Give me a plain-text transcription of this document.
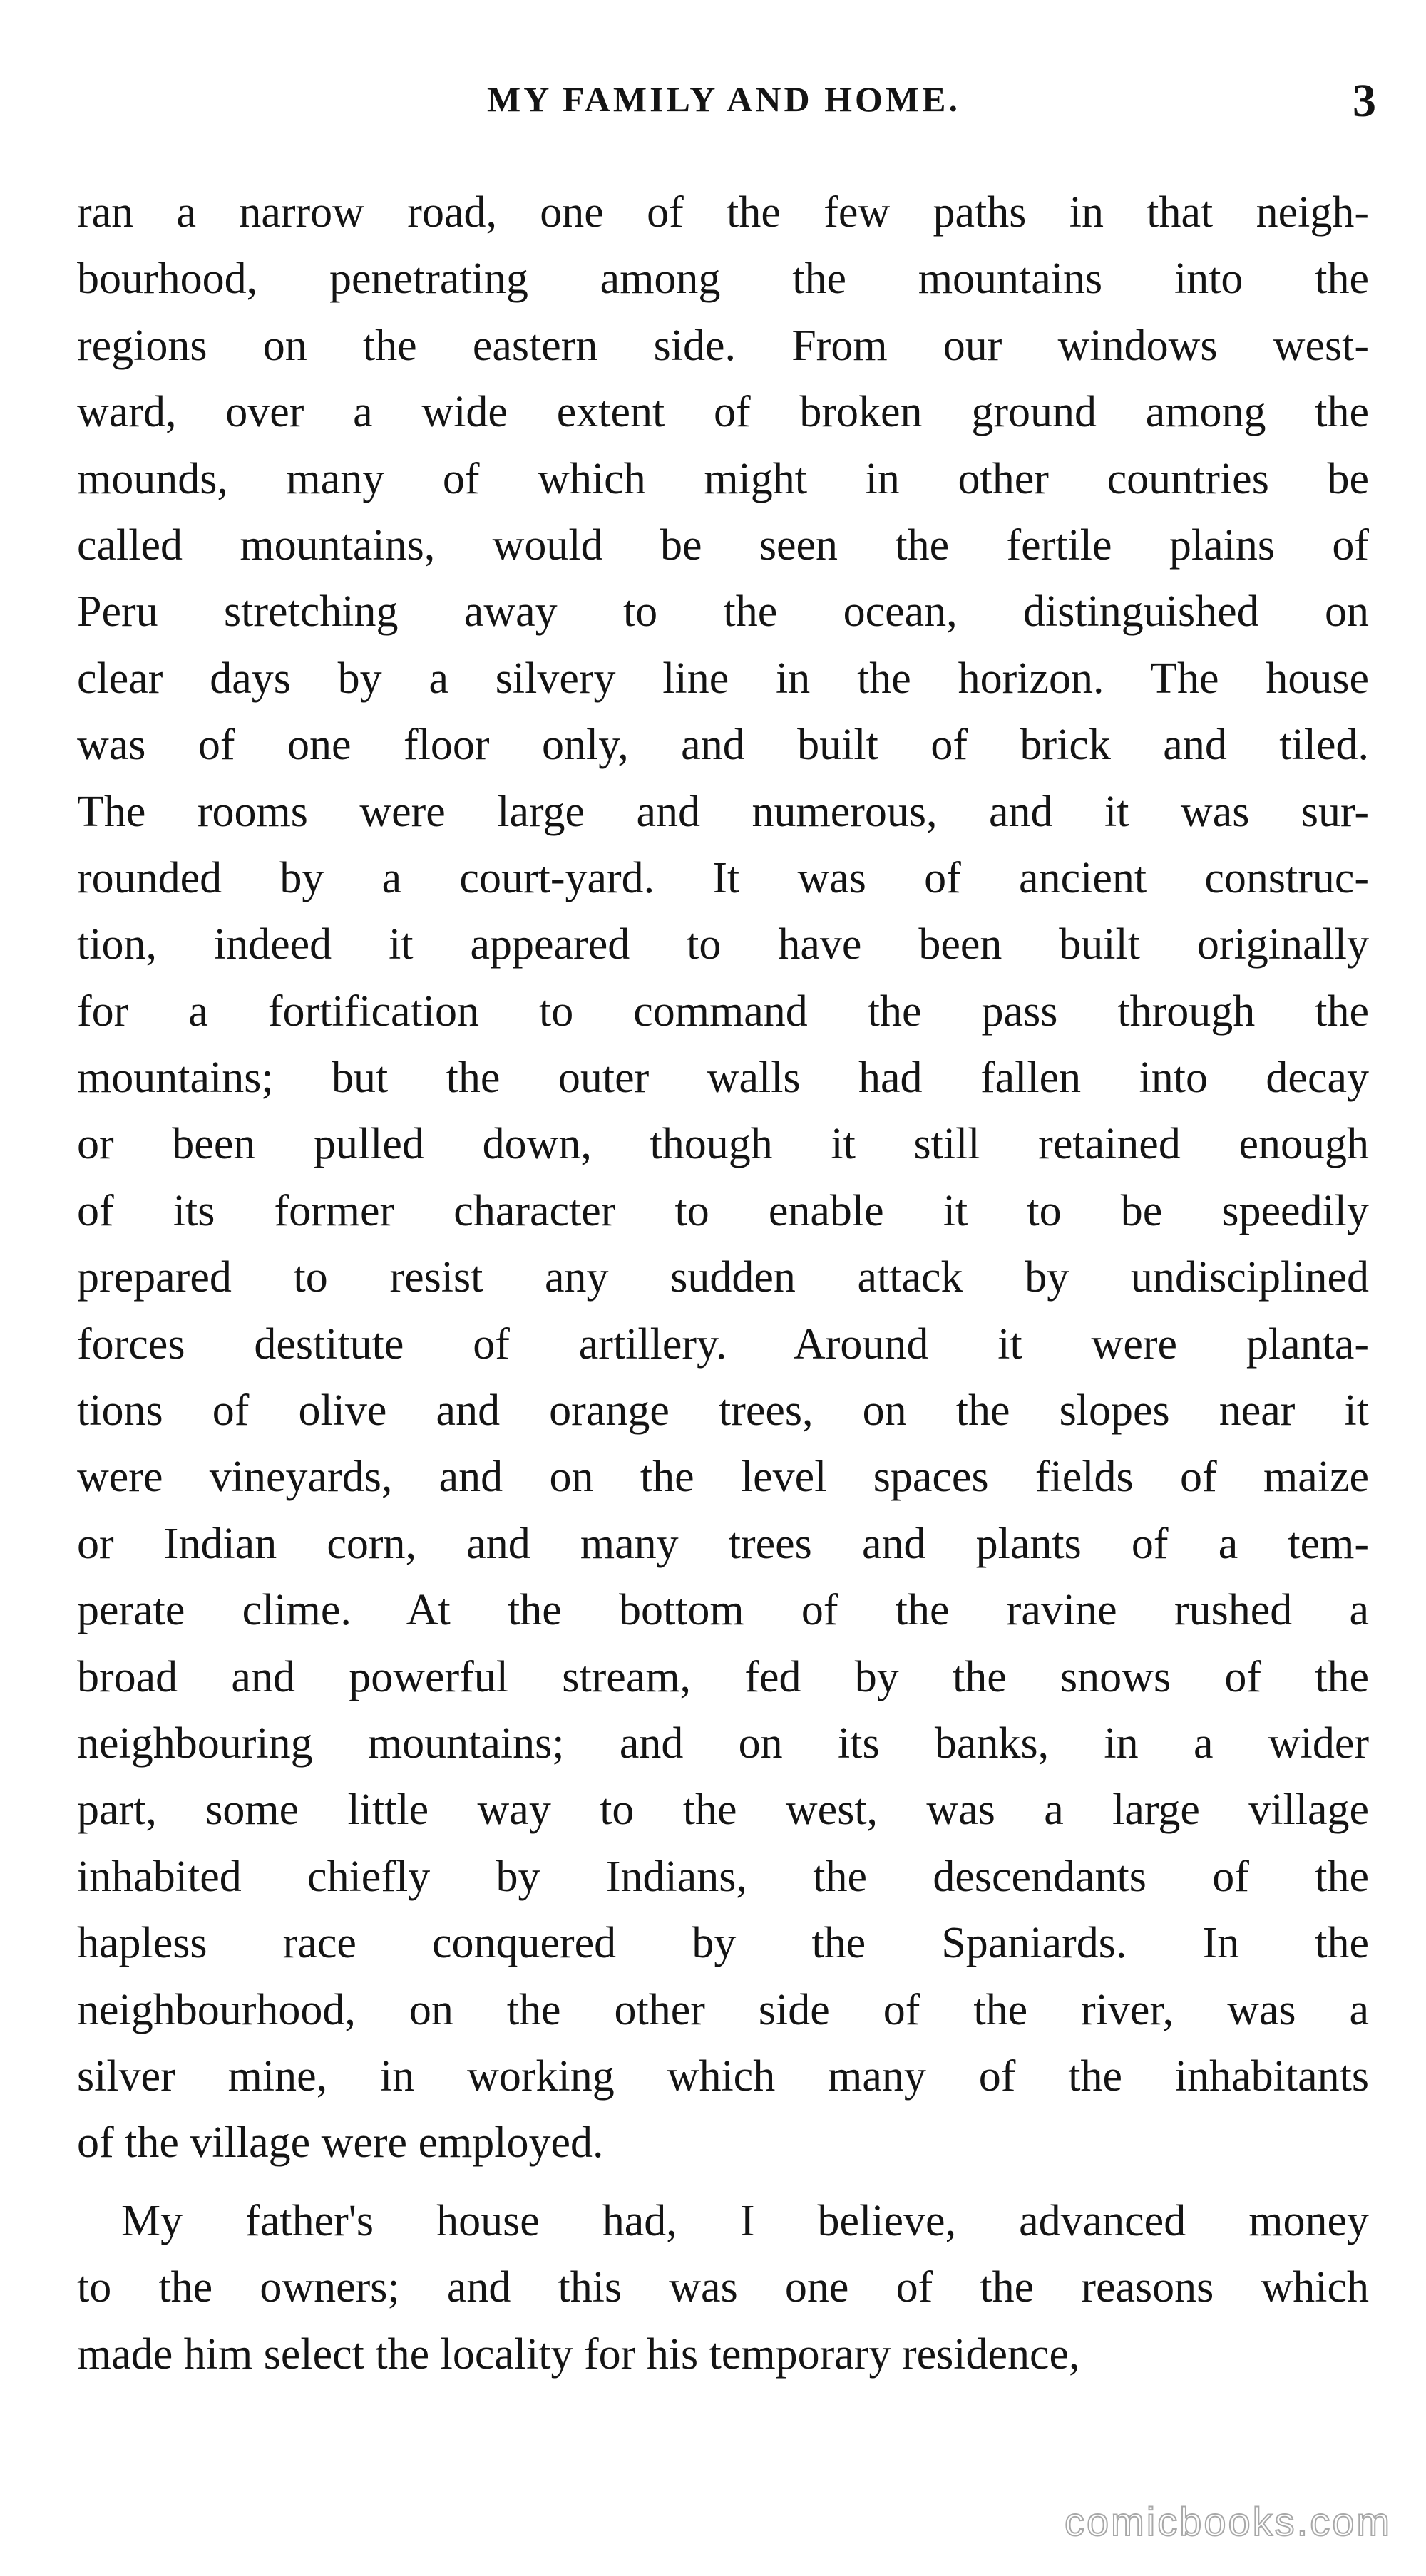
MY FAMILY AND HOME.	3
ran a narrow road, one of the few paths in that neigh-
bourhood, penetrating among the mountains into the
regions on the eastern side. From our windows west-
ward, over a wide extent of broken ground among the
mounds, many of which might in other countries be
called mountains, would be seen the fertile plains of
Peru stretching away to the ocean, distinguished on
clear days by a silvery line in the horizon. The house
was of one floor only, and built of brick and tiled.
The rooms were large and numerous, and it was sur-
rounded by a court-yard. It was of ancient construc-
tion, indeed it appeared to have been built originally
for a fortification to command the pass through the
mountains; but the outer walls had fallen into decay
or been pulled down, though it still retained enough
of its former character to enable it to be speedily
prepared to resist any sudden attack by undisciplined
forces destitute of artillery. Around it were planta-
tions of olive and orange trees, on the slopes near it
were vineyards, and on the level spaces fields of maize
or Indian corn, and many trees and plants of a tem-
perate clime. At the bottom of the ravine rushed a
broad and powerful stream, fed by the snows of the
neighbouring mountains; and on its banks, in a wider
part, some little way to the west, was a large village
inhabited chiefly by Indians, the descendants of the
hapless race conquered by the Spaniards. In the
neighbourhood, on the other side of the river, was a
silver mine, in working which many of the inhabitants
of the village were employed.
My father's house had, I believe, advanced money
to the owners; and this was one of the reasons which
made him select the locality for his temporary residence,
comicbooks.com
